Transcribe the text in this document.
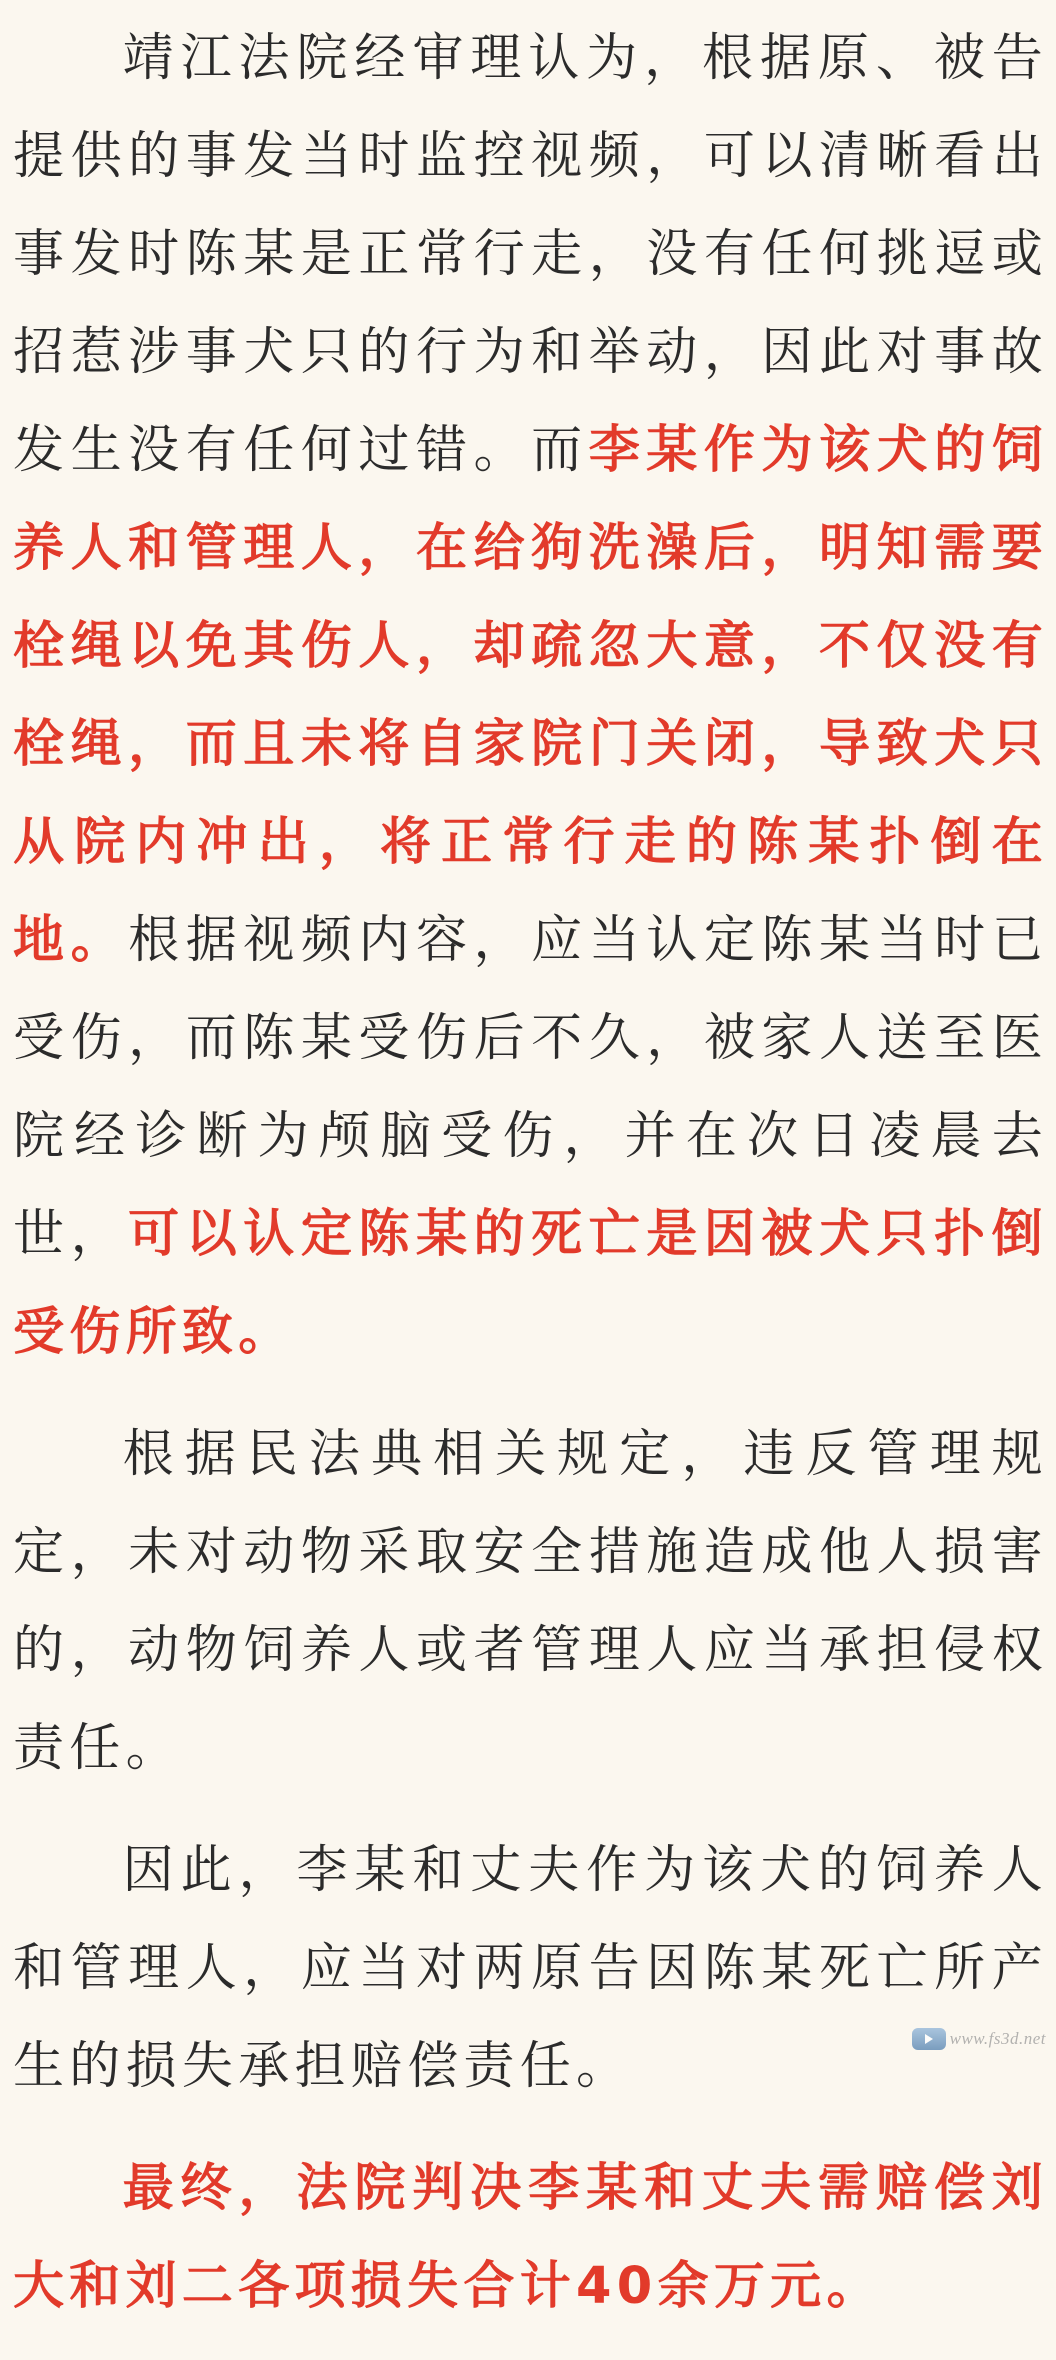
靖江法院经审理认为，根据原、被告提供的事发当时监控视频，可以清晰看出事发时陈某是正常行走，没有任何挑逗或招惹涉事犬只的行为和举动，因此对事故发生没有任何过错。而李某作为该犬的饲养人和管理人，在给狗洗澡后，明知需要栓绳以免其伤人，却疏忽大意，不仅没有栓绳，而且未将自家院门关闭，导致犬只从院内冲出，将正常行走的陈某扑倒在地。根据视频内容，应当认定陈某当时已受伤，而陈某受伤后不久，被家人送至医院经诊断为颅脑受伤，并在次日凌晨去世，可以认定陈某的死亡是因被犬只扑倒受伤所致。

根据民法典相关规定，违反管理规定，未对动物采取安全措施造成他人损害的，动物饲养人或者管理人应当承担侵权责任。

因此，李某和丈夫作为该犬的饲养人和管理人，应当对两原告因陈某死亡所产生的损失承担赔偿责任。

最终，法院判决李某和丈夫需赔偿刘大和刘二各项损失合计40余万元。

www.fs3d.net
